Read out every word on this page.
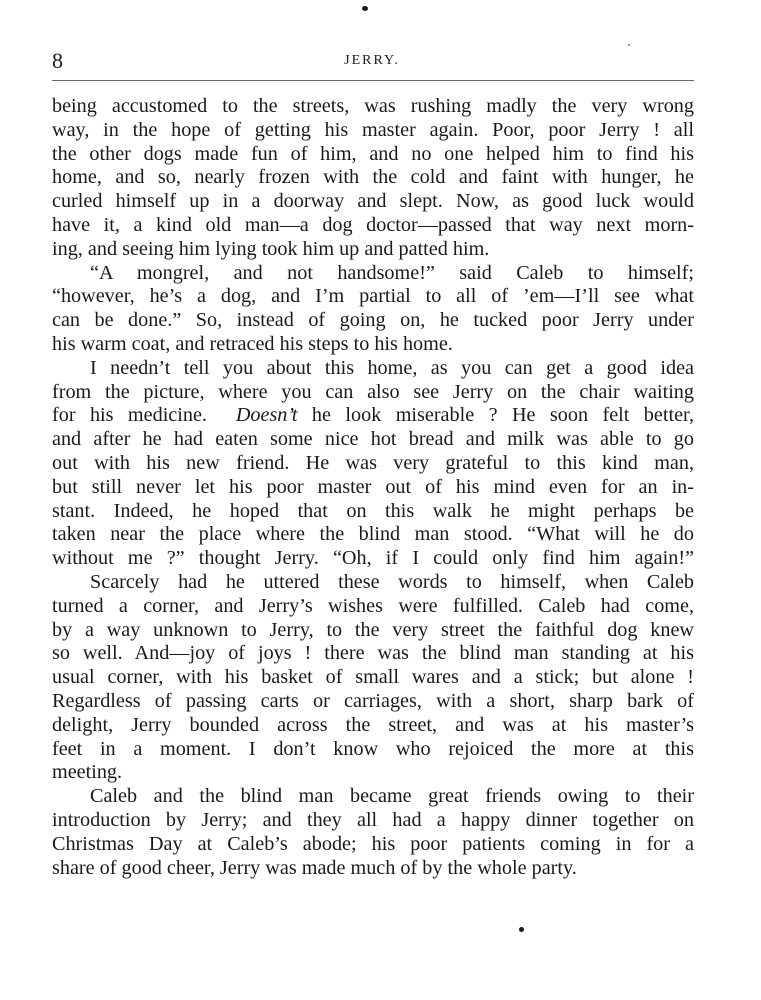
8	JERRY.

being accustomed to the streets, was rushing madly the very wrong
way, in the hope of getting his master again. Poor, poor Jerry ! all
the other dogs made fun of him, and no one helped him to find his
home, and so, nearly frozen with the cold and faint with hunger, he
curled himself up in a doorway and slept. Now, as good luck would
have it, a kind old man—a dog doctor—passed that way next morn-
ing, and seeing him lying took him up and patted him.

“A mongrel, and not handsome!” said Caleb to himself;
“however, he’s a dog, and I’m partial to all of ’em—I’ll see what
can be done.” So, instead of going on, he tucked poor Jerry under
his warm coat, and retraced his steps to his home.

I needn’t tell you about this home, as you can get a good idea
from the picture, where you can also see Jerry on the chair waiting
for his medicine. Doesn’t he look miserable ? He soon felt better,
and after he had eaten some nice hot bread and milk was able to go
out with his new friend. He was very grateful to this kind man,
but still never let his poor master out of his mind even for an in-
stant. Indeed, he hoped that on this walk he might perhaps be
taken near the place where the blind man stood. “What will he do
without me ?” thought Jerry. “Oh, if I could only find him again!”

Scarcely had he uttered these words to himself, when Caleb
turned a corner, and Jerry’s wishes were fulfilled. Caleb had come,
by a way unknown to Jerry, to the very street the faithful dog knew
so well. And—joy of joys ! there was the blind man standing at his
usual corner, with his basket of small wares and a stick; but alone !
Regardless of passing carts or carriages, with a short, sharp bark of
delight, Jerry bounded across the street, and was at his master’s
feet in a moment. I don’t know who rejoiced the more at this
meeting.

Caleb and the blind man became great friends owing to their
introduction by Jerry; and they all had a happy dinner together on
Christmas Day at Caleb’s abode; his poor patients coming in for a
share of good cheer, Jerry was made much of by the whole party.
